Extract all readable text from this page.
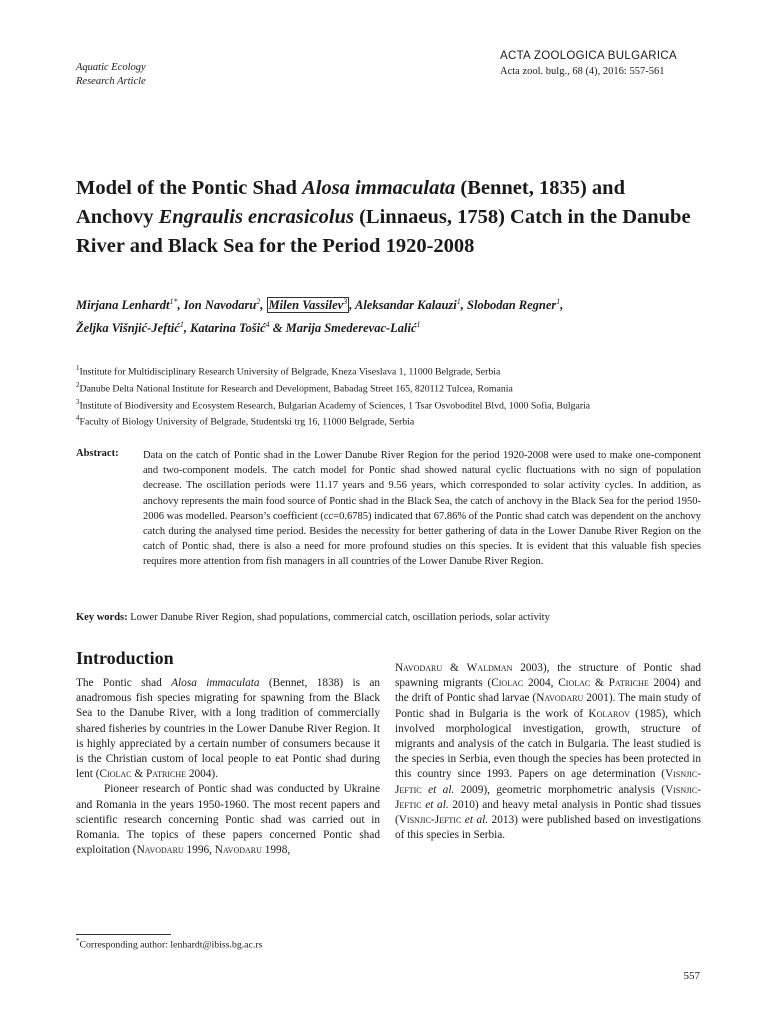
Aquatic Ecology
Research Article
ACTA ZOOLOGICA BULGARICA
Acta zool. bulg., 68 (4), 2016: 557-561
Model of the Pontic Shad Alosa immaculata (Bennet, 1835) and Anchovy Engraulis encrasicolus (Linnaeus, 1758) Catch in the Danube River and Black Sea for the Period 1920-2008
Mirjana Lenhardt$^{1*}$, Ion Navodaru$^2$, Milen Vassilev$^3$ , Aleksandar Kalauzi$^1$, Slobodan Regner$^1$,
Željka Višnjić-Jeftić$^1$, Katarina Tošić$^4$ & Marija Smederevac-Lalić$^1$
$^1$Institute for Multidisciplinary Research University of Belgrade, Kneza Viseslava 1, 11000 Belgrade, Serbia
$^2$Danube Delta National Institute for Research and Development, Babadag Street 165, 820112 Tulcea, Romania
$^3$Institute of Biodiversity and Ecosystem Research, Bulgarian Academy of Sciences, 1 Tsar Osvoboditel Blvd, 1000 Sofia, Bulgaria
$^4$Faculty of Biology University of Belgrade, Studentski trg 16, 11000 Belgrade, Serbia
Abstract: Data on the catch of Pontic shad in the Lower Danube River Region for the period 1920-2008 were used to make one-component and two-component models. The catch model for Pontic shad showed natural cyclic fluctuations with no sign of population decrease. The oscillation periods were 11.17 years and 9.56 years, which corresponded to solar activity cycles. In addition, as anchovy represents the main food source of Pontic shad in the Black Sea, the catch of anchovy in the Black Sea for the period 1950-2006 was modelled. Pearson’s coefficient (cc=0.6785) indicated that 67.86% of the Pontic shad catch was dependent on the anchovy catch during the analysed time period. Besides the necessity for better gathering of data in the Lower Danube River Region on the catch of Pontic shad, there is also a need for more profound studies on this species. It is evident that this valuable fish species requires more attention from fish managers in all countries of the Lower Danube River Region.
Key words: Lower Danube River Region, shad populations, commercial catch, oscillation periods, solar activity
Introduction

The Pontic shad Alosa immaculata (Bennet, 1838) is an anadromous fish species migrating for spawning from the Black Sea to the Danube River, with a long tradition of commercially shared fisheries by countries in the Lower Danube River Region. It is highly appreciated by a certain number of consumers because it is the Christian custom of local people to eat Pontic shad during lent (Ciolac & Patriche 2004).

Pioneer research of Pontic shad was conducted by Ukraine and Romania in the years 1950-1960. The most recent papers and scientific research concerning Pontic shad was carried out in Romania. The topics of these papers concerned Pontic shad exploitation (Navodaru 1996, Navodaru 1998,

Navodaru & Waldman 2003), the structure of Pontic shad spawning migrants (Ciolac 2004, Ciolac & Patriche 2004) and the drift of Pontic shad larvae (Navodaru 2001). The main study of Pontic shad in Bulgaria is the work of Kolarov (1985), which involved morphological investigation, growth, structure of migrants and analysis of the catch in Bulgaria. The least studied is the species in Serbia, even though the species has been protected in this country since 1993. Papers on age determination (Visnjic-Jeftic et al. 2009), geometric morphometric analysis (Visnjic-Jeftic et al. 2010) and heavy metal analysis in Pontic shad tissues (Visnjic-Jeftic et al. 2013) were published based on investigations of this species in Serbia.

*Corresponding author: lenhardt@ibiss.bg.ac.rs
557
